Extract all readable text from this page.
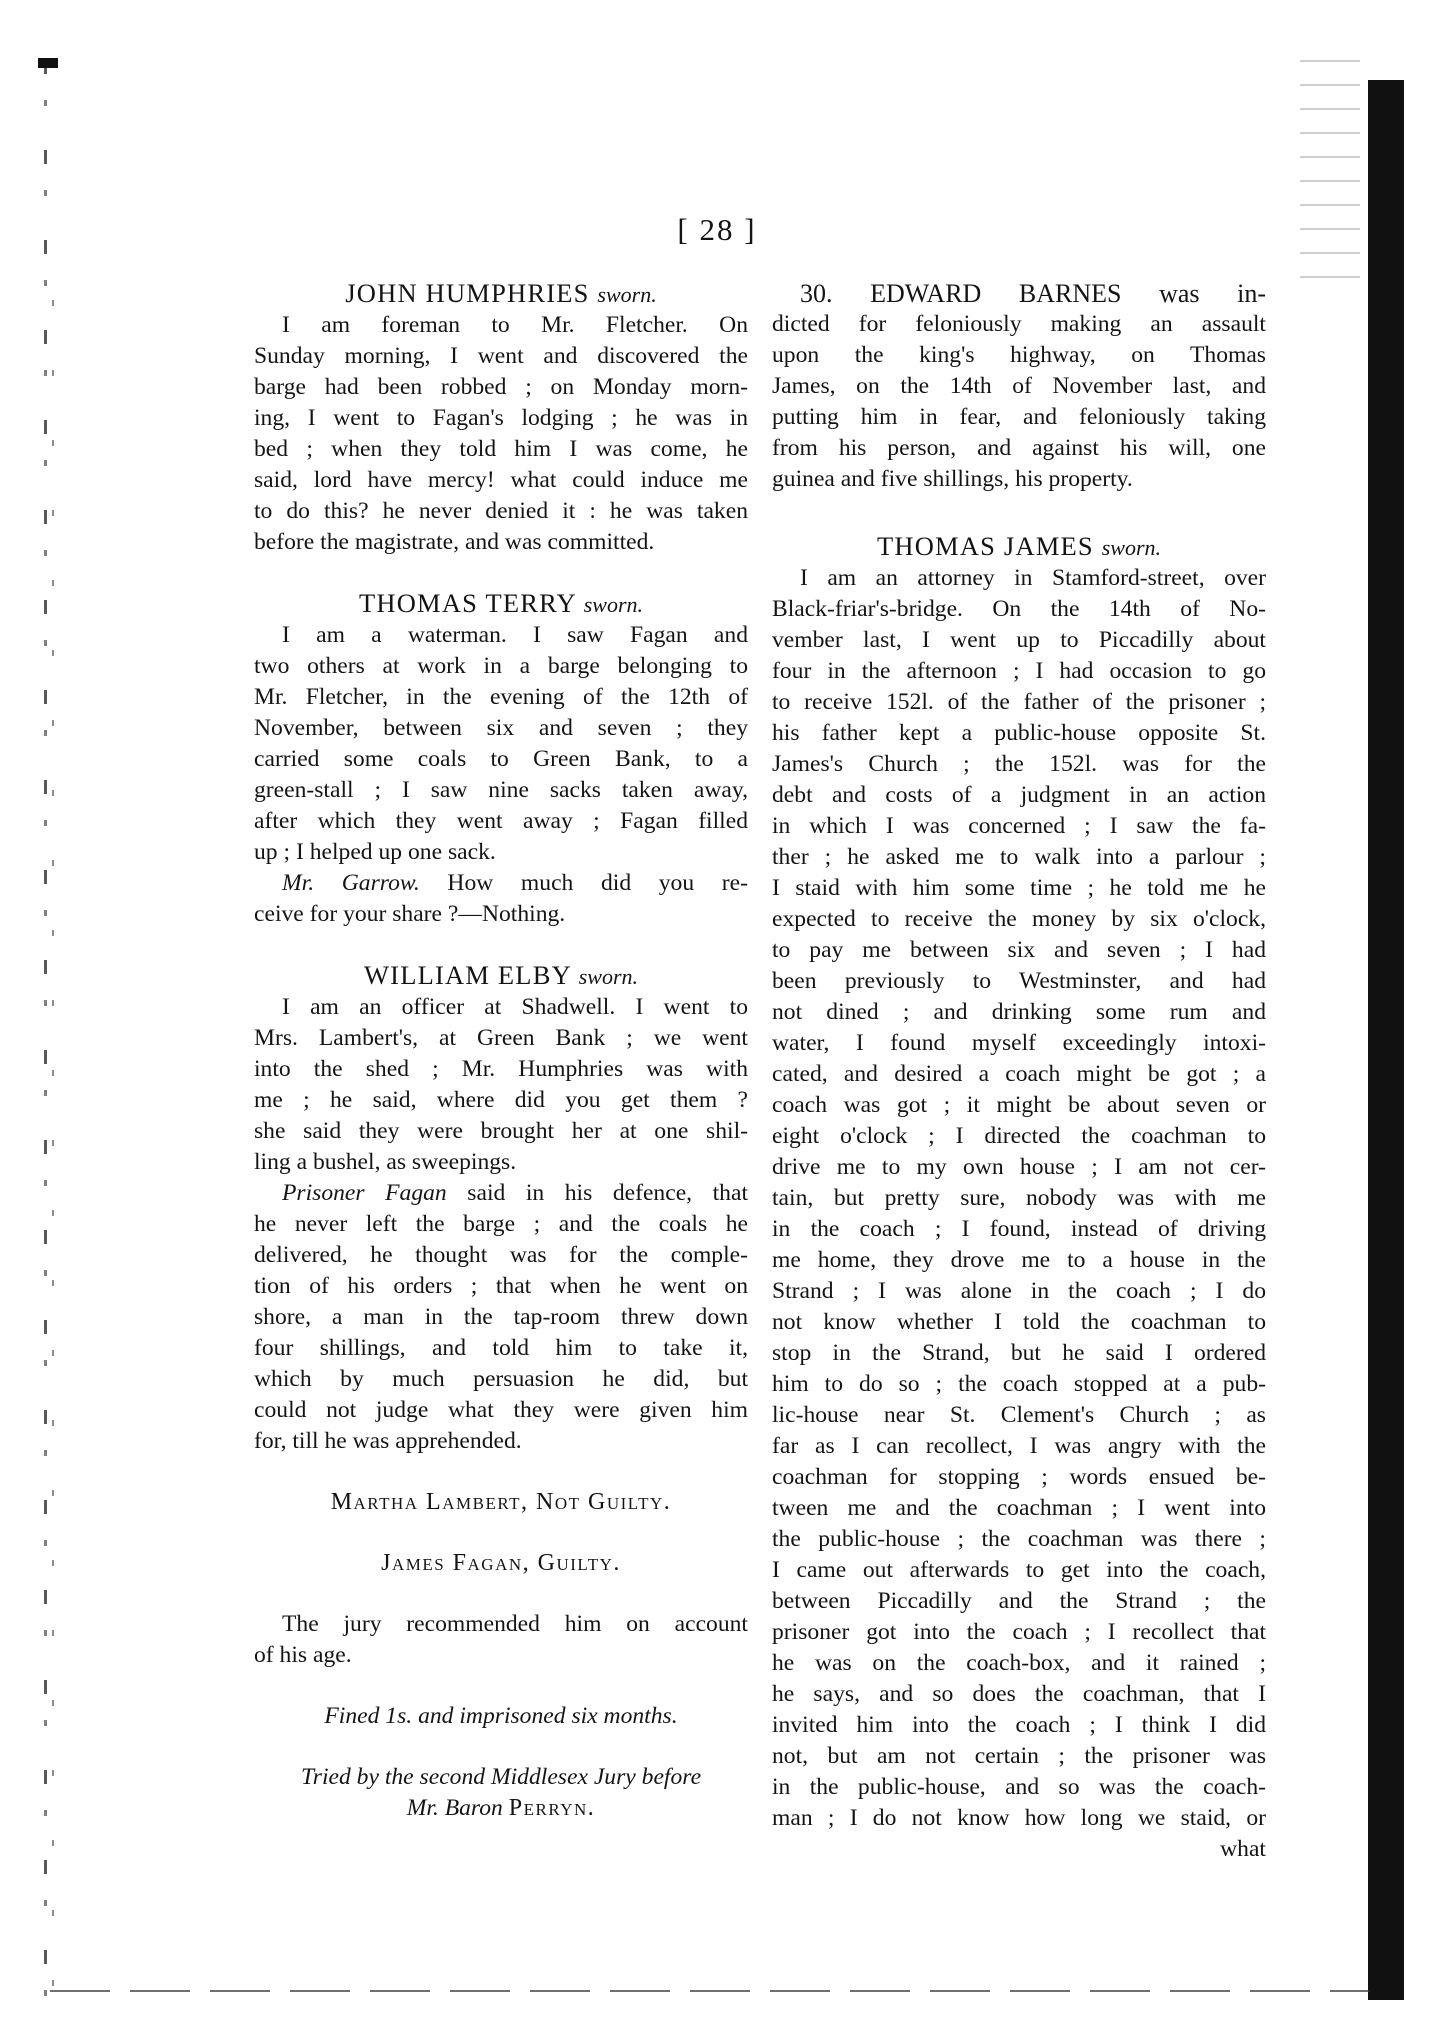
[ 28 ]
JOHN HUMPHRIES sworn.
I am foreman to Mr. Fletcher. On
Sunday morning, I went and discovered the
barge had been robbed ; on Monday morn-
ing, I went to Fagan's lodging ; he was in
bed ; when they told him I was come, he
said, lord have mercy! what could induce me
to do this? he never denied it : he was taken
before the magistrate, and was committed.
THOMAS TERRY sworn.
I am a waterman. I saw Fagan and
two others at work in a barge belonging to
Mr. Fletcher, in the evening of the 12th of
November, between six and seven ; they
carried some coals to Green Bank, to a
green-stall ; I saw nine sacks taken away,
after which they went away ; Fagan filled
up ; I helped up one sack.
Mr. Garrow. How much did you re-
ceive for your share ?—Nothing.
WILLIAM ELBY sworn.
I am an officer at Shadwell. I went to
Mrs. Lambert's, at Green Bank ; we went
into the shed ; Mr. Humphries was with
me ; he said, where did you get them ?
she said they were brought her at one shil-
ling a bushel, as sweepings.
Prisoner Fagan said in his defence, that
he never left the barge ; and the coals he
delivered, he thought was for the comple-
tion of his orders ; that when he went on
shore, a man in the tap-room threw down
four shillings, and told him to take it,
which by much persuasion he did, but
could not judge what they were given him
for, till he was apprehended.
Martha Lambert, Not Guilty.
James Fagan, Guilty.
The jury recommended him on account
of his age.
Fined 1s. and imprisoned six months.
Tried by the second Middlesex Jury before
Mr. Baron Perryn.
30. EDWARD BARNES was in-
dicted for feloniously making an assault
upon the king's highway, on Thomas
James, on the 14th of November last, and
putting him in fear, and feloniously taking
from his person, and against his will, one
guinea and five shillings, his property.
THOMAS JAMES sworn.
I am an attorney in Stamford-street, over
Black-friar's-bridge. On the 14th of No-
vember last, I went up to Piccadilly about
four in the afternoon ; I had occasion to go
to receive 152l. of the father of the prisoner ;
his father kept a public-house opposite St.
James's Church ; the 152l. was for the
debt and costs of a judgment in an action
in which I was concerned ; I saw the fa-
ther ; he asked me to walk into a parlour ;
I staid with him some time ; he told me he
expected to receive the money by six o'clock,
to pay me between six and seven ; I had
been previously to Westminster, and had
not dined ; and drinking some rum and
water, I found myself exceedingly intoxi-
cated, and desired a coach might be got ; a
coach was got ; it might be about seven or
eight o'clock ; I directed the coachman to
drive me to my own house ; I am not cer-
tain, but pretty sure, nobody was with me
in the coach ; I found, instead of driving
me home, they drove me to a house in the
Strand ; I was alone in the coach ; I do
not know whether I told the coachman to
stop in the Strand, but he said I ordered
him to do so ; the coach stopped at a pub-
lic-house near St. Clement's Church ; as
far as I can recollect, I was angry with the
coachman for stopping ; words ensued be-
tween me and the coachman ; I went into
the public-house ; the coachman was there ;
I came out afterwards to get into the coach,
between Piccadilly and the Strand ; the
prisoner got into the coach ; I recollect that
he was on the coach-box, and it rained ;
he says, and so does the coachman, that I
invited him into the coach ; I think I did
not, but am not certain ; the prisoner was
in the public-house, and so was the coach-
man ; I do not know how long we staid, or
what
